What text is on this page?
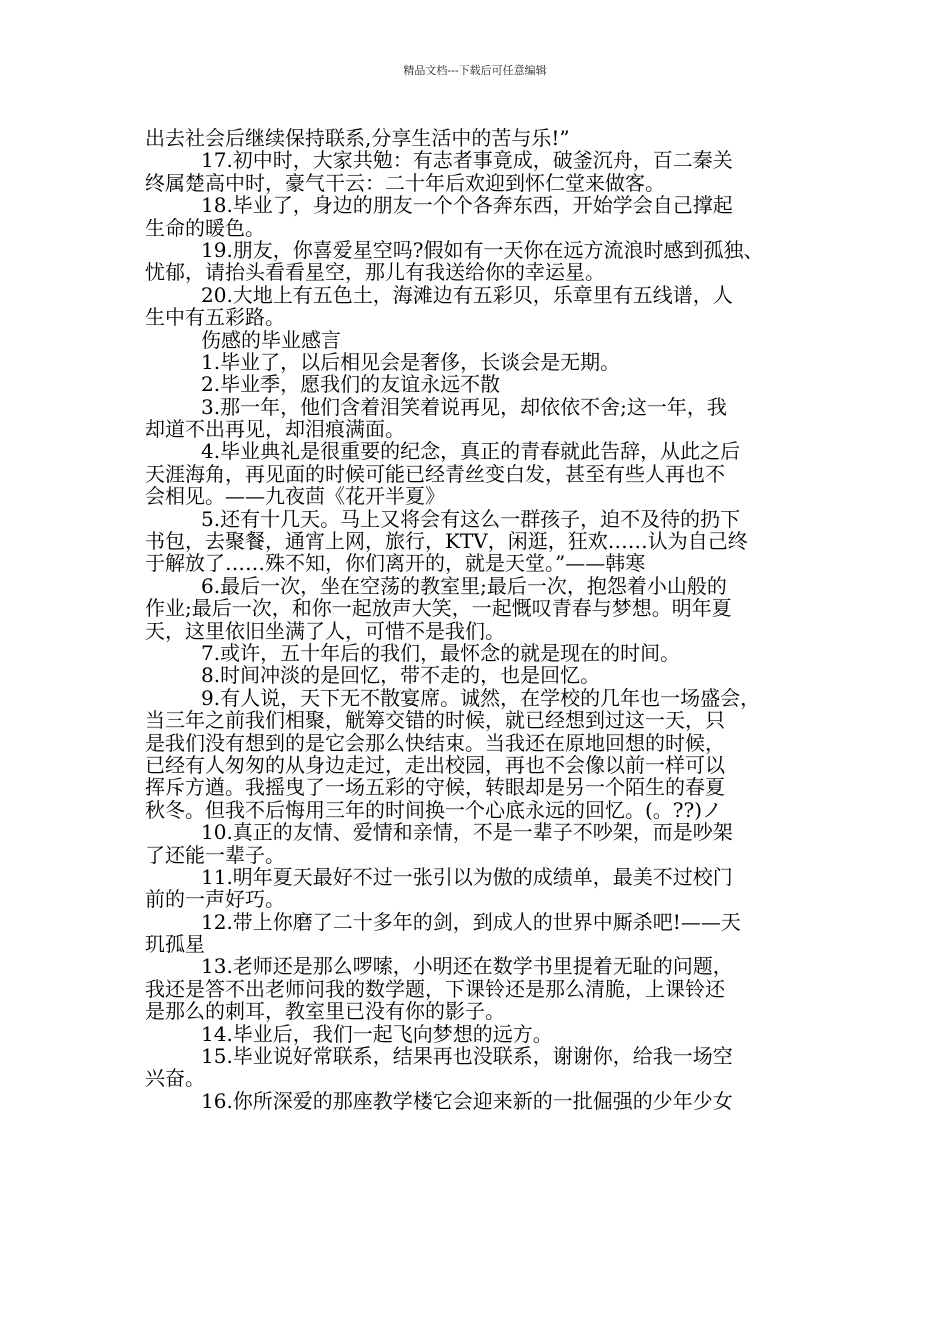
精品文档---下载后可任意编辑
出去社会后继续保持联系,分享生活中的苦与乐!”
17.初中时，大家共勉：有志者事竟成，破釜沉舟，百二秦关
终属楚高中时，豪气干云：二十年后欢迎到怀仁堂来做客。
18.毕业了，身边的朋友一个个各奔东西，开始学会自己撑起
生命的暖色。
19.朋友，你喜爱星空吗?假如有一天你在远方流浪时感到孤独、
忧郁，请抬头看看星空，那儿有我送给你的幸运星。
20.大地上有五色土，海滩边有五彩贝，乐章里有五线谱，人
生中有五彩路。
伤感的毕业感言
1.毕业了，以后相见会是奢侈，长谈会是无期。
2.毕业季，愿我们的友谊永远不散
3.那一年，他们含着泪笑着说再见，却依依不舍;这一年，我
却道不出再见，却泪痕满面。
4.毕业典礼是很重要的纪念，真正的青春就此告辞，从此之后
天涯海角，再见面的时候可能已经青丝变白发，甚至有些人再也不
会相见。——九夜茴《花开半夏》
5.还有十几天。马上又将会有这么一群孩子，迫不及待的扔下
书包，去聚餐，通宵上网，旅行，KTV，闲逛，狂欢……认为自己终
于解放了……殊不知，你们离开的，就是天堂。”——韩寒
6.最后一次，坐在空荡的教室里;最后一次，抱怨着小山般的
作业;最后一次，和你一起放声大笑，一起慨叹青春与梦想。明年夏
天，这里依旧坐满了人，可惜不是我们。
7.或许，五十年后的我们，最怀念的就是现在的时间。
8.时间冲淡的是回忆，带不走的，也是回忆。
9.有人说，天下无不散宴席。诚然，在学校的几年也一场盛会，
当三年之前我们相聚，觥筹交错的时候，就已经想到过这一天，只
是我们没有想到的是它会那么快结束。当我还在原地回想的时候，
已经有人匆匆的从身边走过，走出校园，再也不会像以前一样可以
挥斥方遒。我摇曳了一场五彩的守候，转眼却是另一个陌生的春夏
秋冬。但我不后悔用三年的时间换一个心底永远的回忆。(。??)ノ
10.真正的友情、爱情和亲情，不是一辈子不吵架，而是吵架
了还能一辈子。
11.明年夏天最好不过一张引以为傲的成绩单，最美不过校门
前的一声好巧。
12.带上你磨了二十多年的剑，到成人的世界中厮杀吧!——天
玑孤星
13.老师还是那么啰嗦，小明还在数学书里提着无耻的问题，
我还是答不出老师问我的数学题，下课铃还是那么清脆，上课铃还
是那么的刺耳，教室里已没有你的影子。
14.毕业后，我们一起飞向梦想的远方。
15.毕业说好常联系，结果再也没联系，谢谢你，给我一场空
兴奋。
16.你所深爱的那座教学楼它会迎来新的一批倔强的少年少女
